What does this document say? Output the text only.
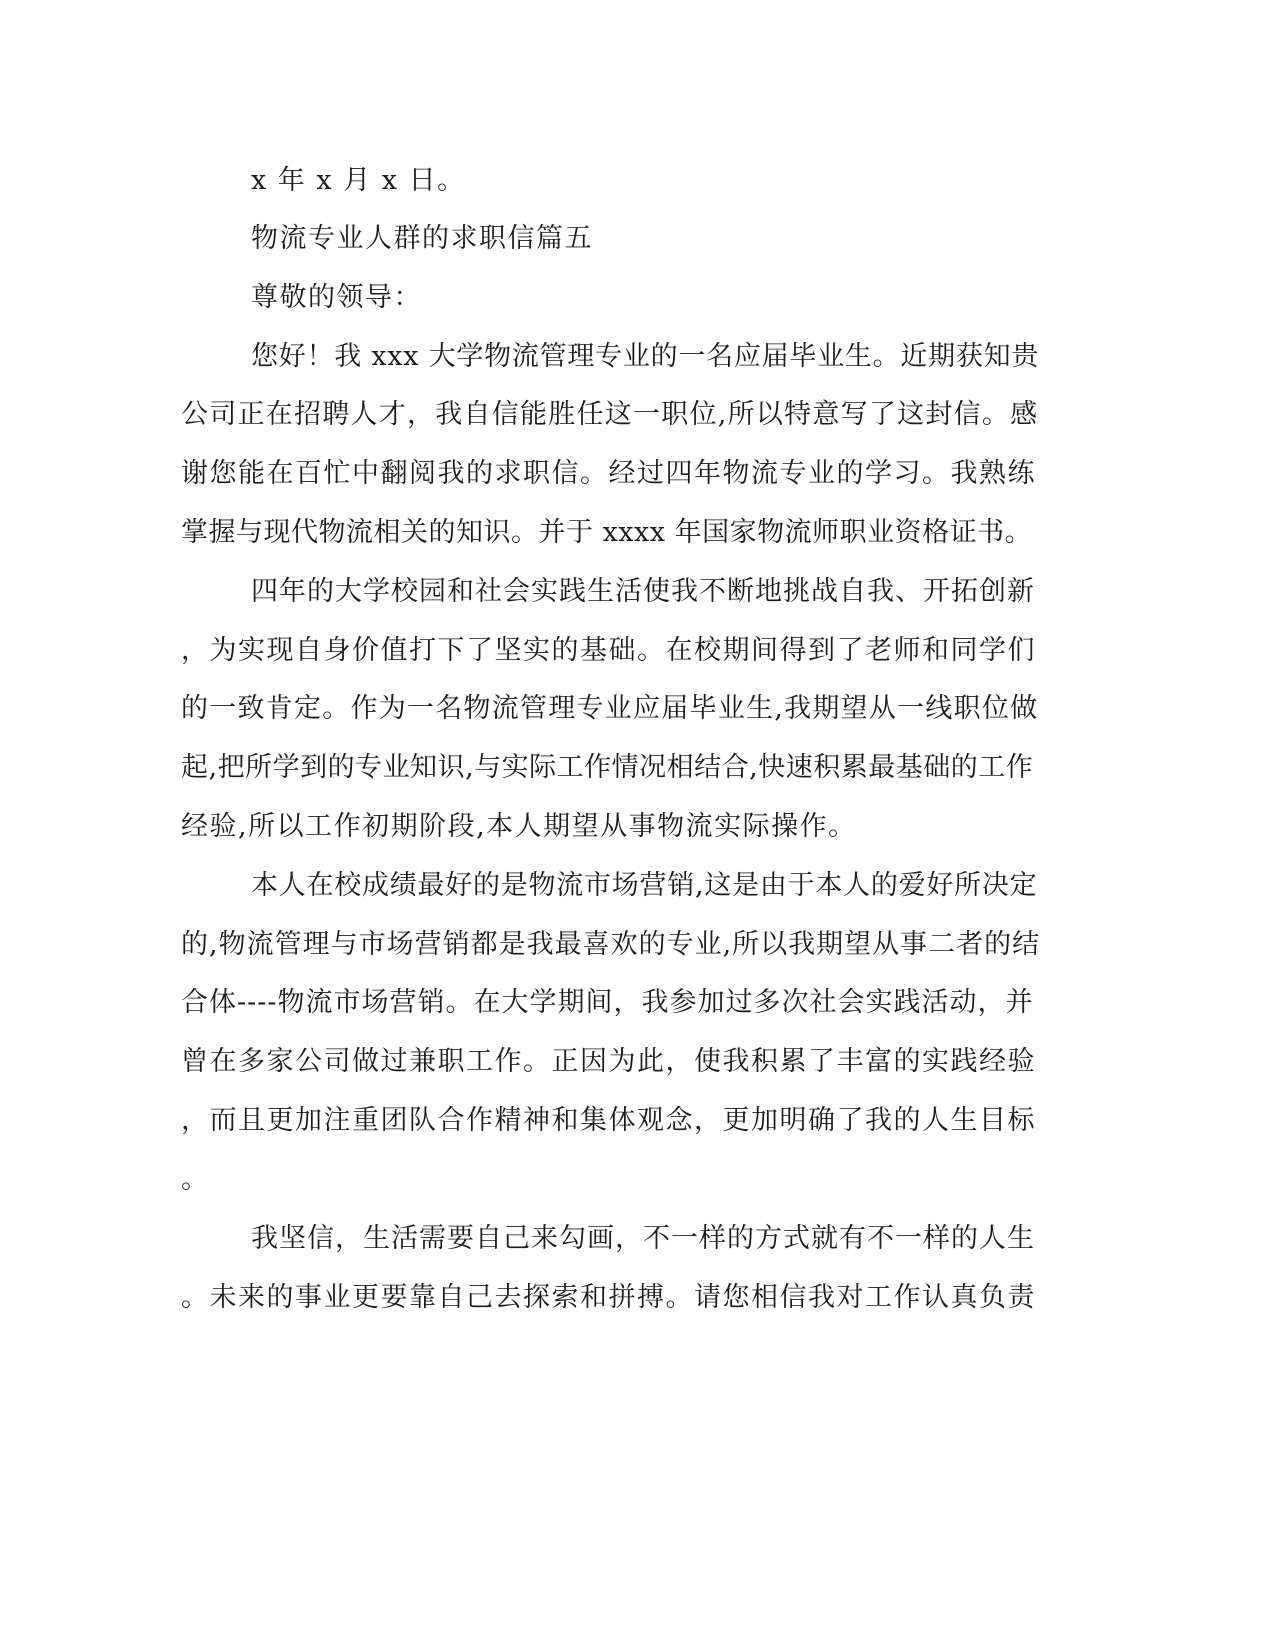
x 年 x 月 x 日。
物流专业人群的求职信篇五
尊敬的领导：
您好！我 xxx 大学物流管理专业的一名应届毕业生。近期获知贵
公司正在招聘人才，我自信能胜任这一职位,所以特意写了这封信。感
谢您能在百忙中翻阅我的求职信。经过四年物流专业的学习。我熟练
掌握与现代物流相关的知识。并于 xxxx 年国家物流师职业资格证书。
四年的大学校园和社会实践生活使我不断地挑战自我、开拓创新
，为实现自身价值打下了坚实的基础。在校期间得到了老师和同学们
的一致肯定。作为一名物流管理专业应届毕业生,我期望从一线职位做
起,把所学到的专业知识,与实际工作情况相结合,快速积累最基础的工作
经验,所以工作初期阶段,本人期望从事物流实际操作。
本人在校成绩最好的是物流市场营销,这是由于本人的爱好所决定
的,物流管理与市场营销都是我最喜欢的专业,所以我期望从事二者的结
合体----物流市场营销。在大学期间，我参加过多次社会实践活动，并
曾在多家公司做过兼职工作。正因为此，使我积累了丰富的实践经验
，而且更加注重团队合作精神和集体观念，更加明确了我的人生目标
。
我坚信，生活需要自己来勾画，不一样的方式就有不一样的人生
。未来的事业更要靠自己去探索和拼搏。请您相信我对工作认真负责
